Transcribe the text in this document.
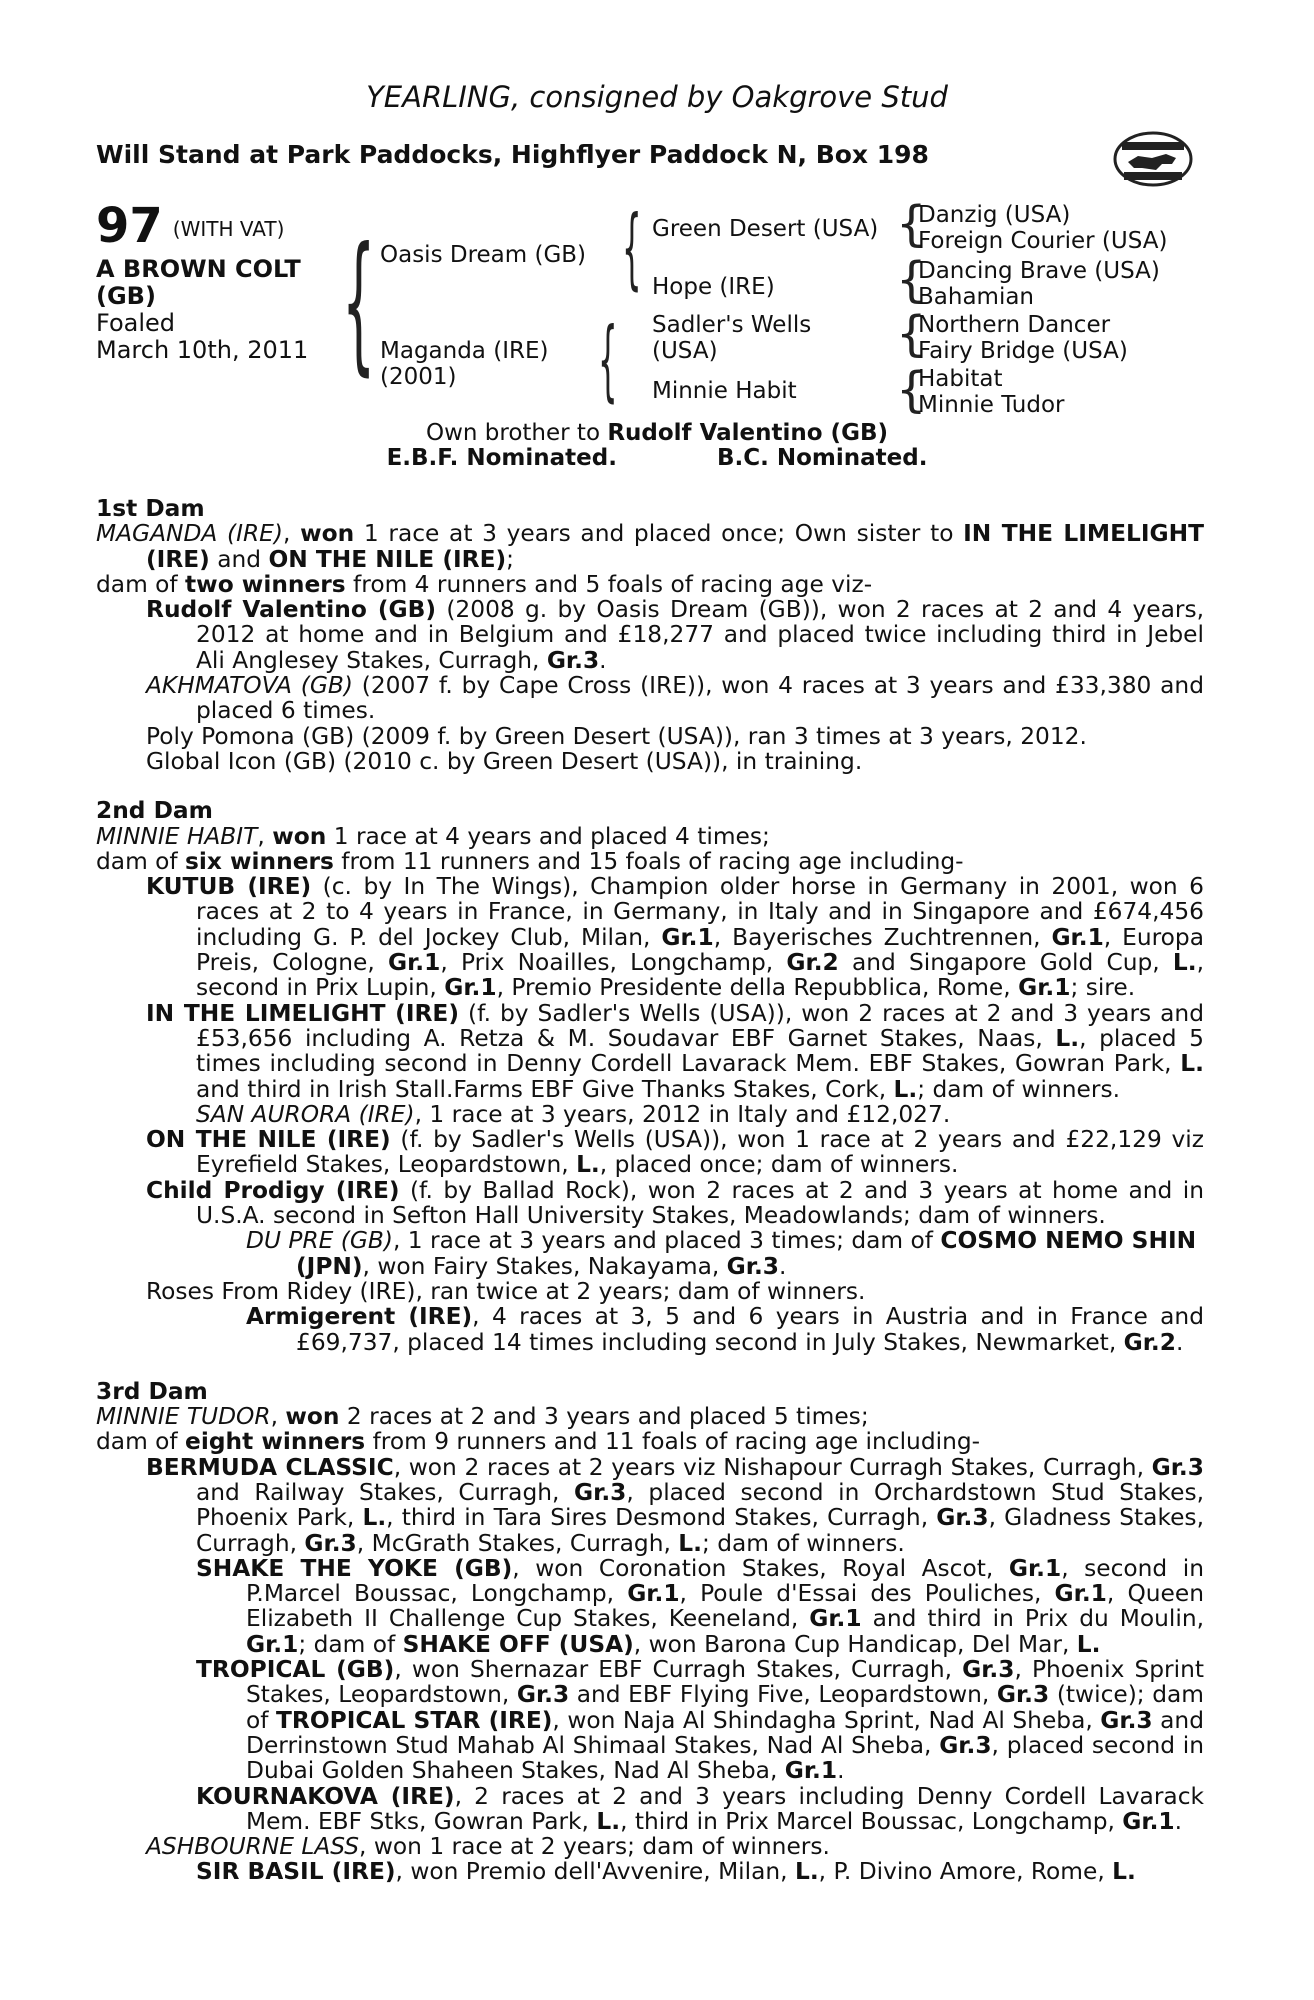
YEARLING, consigned by Oakgrove Stud
Will Stand at Park Paddocks, Highflyer Paddock N, Box 198
97 (WITH VAT)
A BROWN COLT
(GB)
Foaled
March 10th, 2011 { Oasis Dream (GB)
Maganda (IRE)
(2001)
{ Green Desert (USA)
Hope (IRE)
{ Sadler's Wells
(USA)
Minnie Habit
{
Danzig (USA)
Foreign Courier (USA)
{
Dancing Brave (USA)
Bahamian
{
Northern Dancer
Fairy Bridge (USA)
{
Habitat
Minnie Tudor
Own brother to Rudolf Valentino (GB)
E.B.F. Nominated.	B.C. Nominated.
1st Dam
MAGANDA (IRE), won 1 race at 3 years and placed once; Own sister to IN THE LIMELIGHT (IRE) and ON THE NILE (IRE);
dam of two winners from 4 runners and 5 foals of racing age viz-
Rudolf Valentino (GB) (2008 g. by Oasis Dream (GB)), won 2 races at 2 and 4 years, 2012 at home and in Belgium and £18,277 and placed twice including third in Jebel Ali Anglesey Stakes, Curragh, Gr.3.
AKHMATOVA (GB) (2007 f. by Cape Cross (IRE)), won 4 races at 3 years and £33,380 and placed 6 times.
Poly Pomona (GB) (2009 f. by Green Desert (USA)), ran 3 times at 3 years, 2012.
Global Icon (GB) (2010 c. by Green Desert (USA)), in training.
2nd Dam
MINNIE HABIT, won 1 race at 4 years and placed 4 times;
dam of six winners from 11 runners and 15 foals of racing age including-
KUTUB (IRE) (c. by In The Wings), Champion older horse in Germany in 2001, won 6 races at 2 to 4 years in France, in Germany, in Italy and in Singapore and £674,456 including G. P. del Jockey Club, Milan, Gr.1, Bayerisches Zuchtrennen, Gr.1, Europa Preis, Cologne, Gr.1, Prix Noailles, Longchamp, Gr.2 and Singapore Gold Cup, L., second in Prix Lupin, Gr.1, Premio Presidente della Repubblica, Rome, Gr.1; sire.
IN THE LIMELIGHT (IRE) (f. by Sadler's Wells (USA)), won 2 races at 2 and 3 years and £53,656 including A. Retza & M. Soudavar EBF Garnet Stakes, Naas, L., placed 5 times including second in Denny Cordell Lavarack Mem. EBF Stakes, Gowran Park, L. and third in Irish Stall.Farms EBF Give Thanks Stakes, Cork, L.; dam of winners.
SAN AURORA (IRE), 1 race at 3 years, 2012 in Italy and £12,027.
ON THE NILE (IRE) (f. by Sadler's Wells (USA)), won 1 race at 2 years and £22,129 viz Eyrefield Stakes, Leopardstown, L., placed once; dam of winners.
Child Prodigy (IRE) (f. by Ballad Rock), won 2 races at 2 and 3 years at home and in U.S.A. second in Sefton Hall University Stakes, Meadowlands; dam of winners.
DU PRE (GB), 1 race at 3 years and placed 3 times; dam of COSMO NEMO SHIN
(JPN), won Fairy Stakes, Nakayama, Gr.3.
Roses From Ridey (IRE), ran twice at 2 years; dam of winners.
Armigerent (IRE), 4 races at 3, 5 and 6 years in Austria and in France and £69,737, placed 14 times including second in July Stakes, Newmarket, Gr.2.
3rd Dam
MINNIE TUDOR, won 2 races at 2 and 3 years and placed 5 times;
dam of eight winners from 9 runners and 11 foals of racing age including-
BERMUDA CLASSIC, won 2 races at 2 years viz Nishapour Curragh Stakes, Curragh, Gr.3 and Railway Stakes, Curragh, Gr.3, placed second in Orchardstown Stud Stakes, Phoenix Park, L., third in Tara Sires Desmond Stakes, Curragh, Gr.3, Gladness Stakes, Curragh, Gr.3, McGrath Stakes, Curragh, L.; dam of winners.
SHAKE THE YOKE (GB), won Coronation Stakes, Royal Ascot, Gr.1, second in P.Marcel Boussac, Longchamp, Gr.1, Poule d'Essai des Pouliches, Gr.1, Queen Elizabeth II Challenge Cup Stakes, Keeneland, Gr.1 and third in Prix du Moulin, Gr.1; dam of SHAKE OFF (USA), won Barona Cup Handicap, Del Mar, L.
TROPICAL (GB), won Shernazar EBF Curragh Stakes, Curragh, Gr.3, Phoenix Sprint Stakes, Leopardstown, Gr.3 and EBF Flying Five, Leopardstown, Gr.3 (twice); dam of TROPICAL STAR (IRE), won Naja Al Shindagha Sprint, Nad Al Sheba, Gr.3 and Derrinstown Stud Mahab Al Shimaal Stakes, Nad Al Sheba, Gr.3, placed second in Dubai Golden Shaheen Stakes, Nad Al Sheba, Gr.1.
KOURNAKOVA (IRE), 2 races at 2 and 3 years including Denny Cordell Lavarack Mem. EBF Stks, Gowran Park, L., third in Prix Marcel Boussac, Longchamp, Gr.1.
ASHBOURNE LASS, won 1 race at 2 years; dam of winners.
SIR BASIL (IRE), won Premio dell'Avvenire, Milan, L., P. Divino Amore, Rome, L.
